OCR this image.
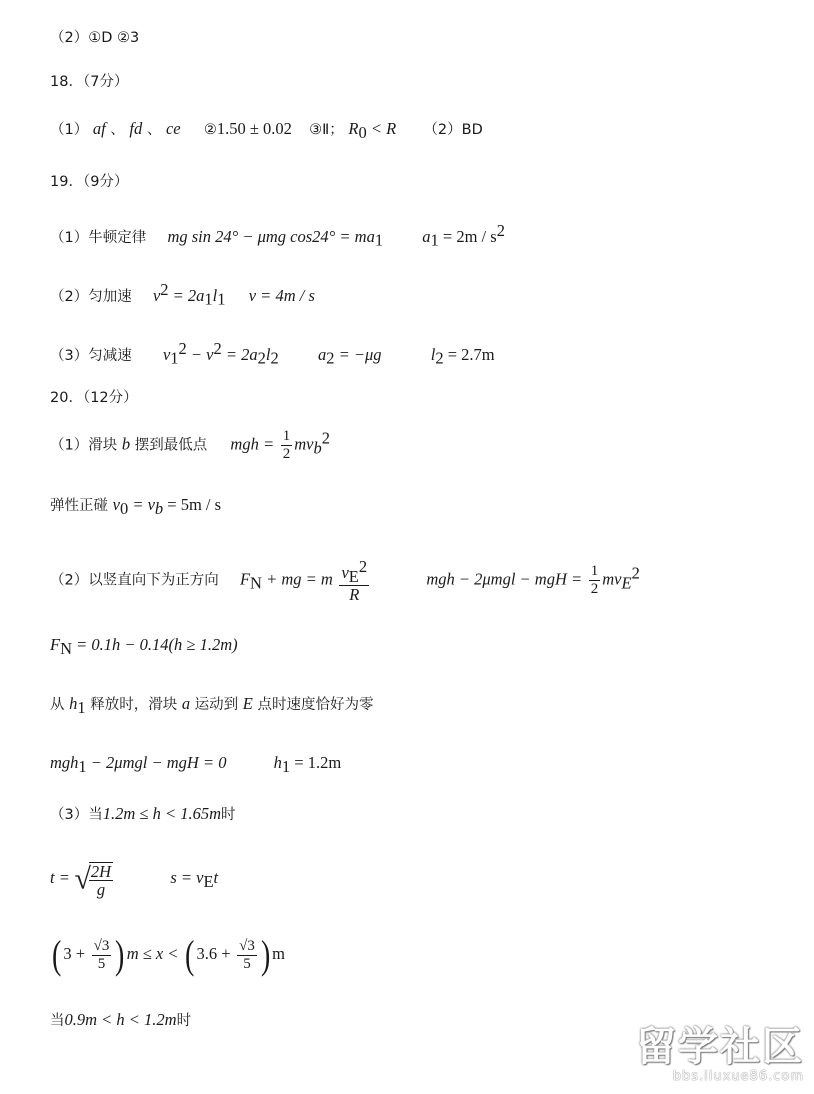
（2）①D ②3
18．（7分）
（1） af 、 fd 、 ce ②1.50 ± 0.02 ③Ⅱ； $R_0 < R$ （2）BD
19．（9分）
（1）牛顿定律 mg sin 24° − μmg $\cos 24^\circ = ma_1$ $a_1 = 2m / s^2$
（2）匀加速 $v^2 = 2a_1l_1$ v = 4m / s
（3）匀减速 $v_1^2 - v^2 = 2a_2l_2$ $a_2 = -\mu g$	$l_2 = 2.7m$
20．（12分）
（1）滑块 b 摆到最低点 mgh = $\frac{1}{2} mv_b^2$
弹性正碰 $v_0 = v_b = 5m / s$
（2）以竖直向下为正方向 $F_N$ + mg = m $\frac{v_E^2}{R}$	mgh − 2μmgl − mgH = $\frac{1}{2} mv_E^2$
$F_N = 0.1h - 0.14(h \ge 1.2m)$
从 $h_1$ 释放时，滑块 a 运动到 E 点时速度恰好为零
mgh$_1$ − 2μmgl − mgH = 0	$h_1 = 1.2m$
（3）当1.2m ≤ h < 1.65m时
t = √
$\frac{2H}{g}$	$s = v_Et$
( $3 + \frac{√3}{5}$ ) m ≤ x < ( $3.6 + \frac{√3}{5}$ ) m
当0.9m < h < 1.2m时
留学社区
bbs.liuxue86.com
